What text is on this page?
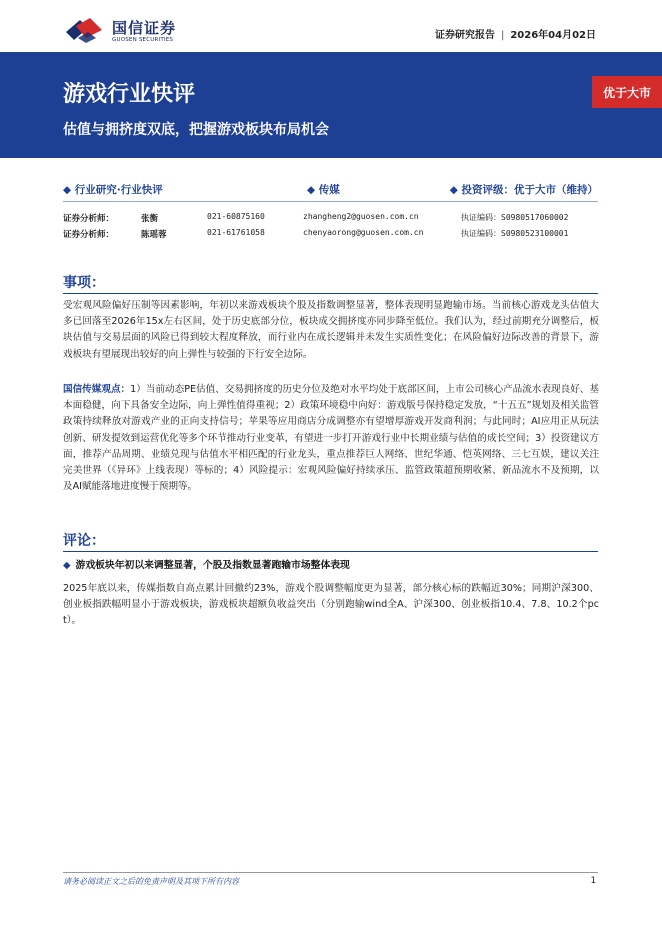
国信证券
GUOSEN SECURITIES	证券研究报告 | 2026年04月02日
游戏行业快评
估值与拥挤度双底，把握游戏板块布局机会
优于大市
◆ 行业研究·行业快评	◆ 传媒	◆ 投资评级：优于大市（维持）
证券分析师：	张衡	021-60875160	zhangheng2@guosen.com.cn	执证编码：S0980517060002
证券分析师：	陈瑶蓉	021-61761058	chenyaorong@guosen.com.cn	执证编码：S0980523100001
事项：
受宏观风险偏好压制等因素影响，年初以来游戏板块个股及指数调整显著，整体表现明显跑输市场。当前核心游戏龙头估值大多已回落至2026年15x左右区间，处于历史底部分位，板块成交拥挤度亦同步降至低位。我们认为，经过前期充分调整后，板块估值与交易层面的风险已得到较大程度释放，而行业内在成长逻辑并未发生实质性变化；在风险偏好边际改善的背景下，游戏板块有望展现出较好的向上弹性与较强的下行安全边际。
国信传媒观点：1）当前动态PE估值、交易拥挤度的历史分位及绝对水平均处于底部区间，上市公司核心产品流水表现良好、基本面稳健，向下具备安全边际，向上弹性值得重视；2）政策环境稳中向好：游戏版号保持稳定发放，“十五五”规划及相关监管政策持续释放对游戏产业的正向支持信号；苹果等应用商店分成调整亦有望增厚游戏开发商利润；与此同时；AI应用正从玩法创新、研发提效到运营优化等多个环节推动行业变革，有望进一步打开游戏行业中长期业绩与估值的成长空间；3）投资建议方面，推荐产品周期、业绩兑现与估值水平相匹配的行业龙头，重点推荐巨人网络、世纪华通、恺英网络、三七互娱，建议关注完美世界（《异环》上线表现）等标的；4）风险提示：宏观风险偏好持续承压、监管政策超预期收紧、新品流水不及预期，以及AI赋能落地进度慢于预期等。
评论：
◆ 游戏板块年初以来调整显著，个股及指数显著跑输市场整体表现
2025年底以来，传媒指数自高点累计回撤约23%，游戏个股调整幅度更为显著，部分核心标的跌幅近30%；同期沪深300、创业板指跌幅明显小于游戏板块，游戏板块超额负收益突出（分别跑输wind全A、沪深300、创业板指10.4、7.8、10.2个pct）。
请务必阅读正文之后的免责声明及其项下所有内容	1
